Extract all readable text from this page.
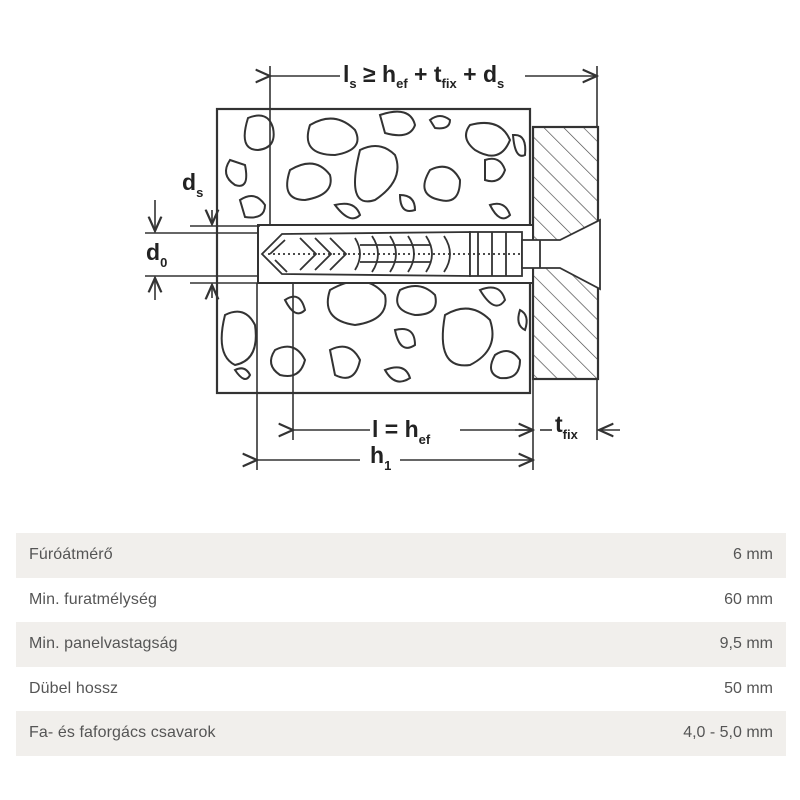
$l_s \ge h_{ef} + t_{fix} + d_s$
$d_s$
$d_0$
$l = h_{ef}$
$h_1$
$t_{fix}$
Fúróátmérő	6 mm
Min. furatmélység	60 mm
Min. panelvastagság	9,5 mm
Dübel hossz	50 mm
Fa- és faforgács csavarok	4,0 - 5,0 mm
